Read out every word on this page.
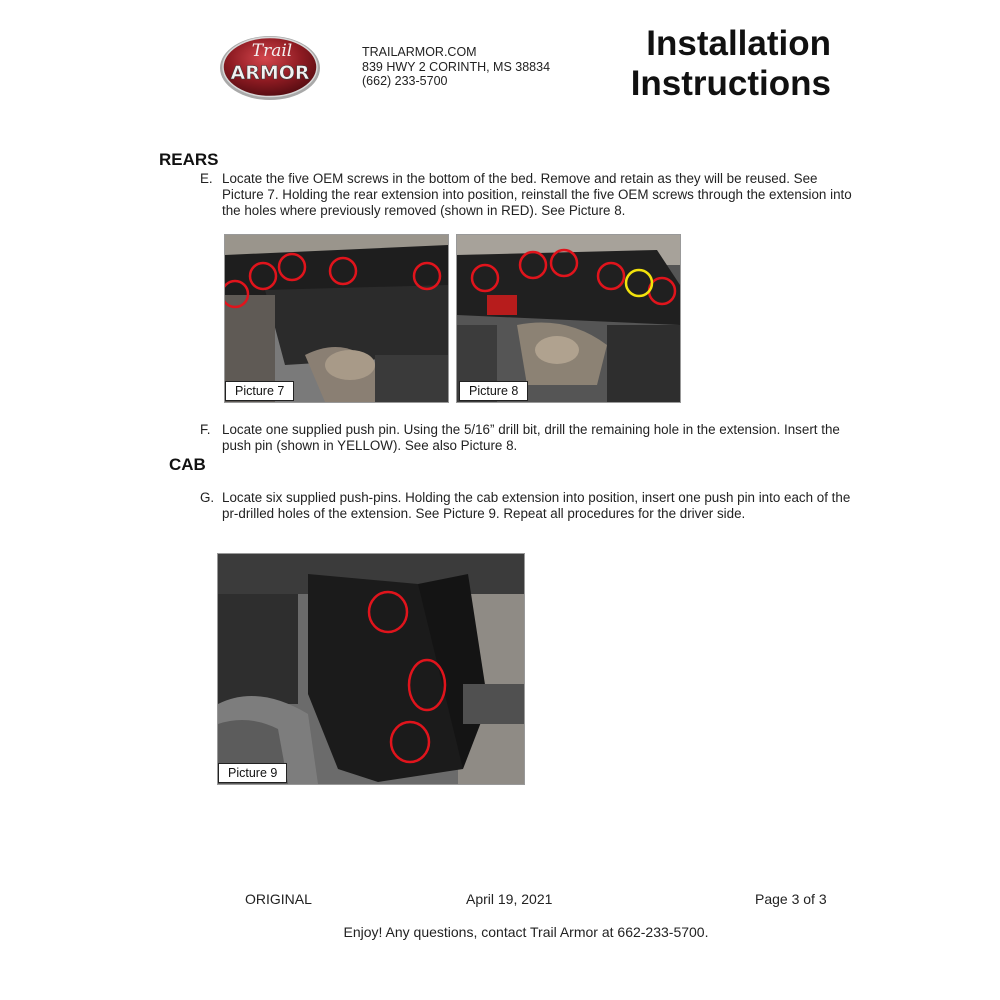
Trail
ARMOR
TRAILARMOR.COM
839 HWY 2 CORINTH, MS 38834
(662) 233-5700
Installation
Instructions
REARS
E. Locate the five OEM screws in the bottom of the bed. Remove and retain as they will be reused. See Picture 7. Holding the rear extension into position, reinstall the five OEM screws through the extension into the holes where previously removed (shown in RED). See Picture 8.
Picture 7	Picture 8
F. Locate one supplied push pin. Using the 5/16” drill bit, drill the remaining hole in the extension. Insert the push pin (shown in YELLOW). See also Picture 8.
CAB
G. Locate six supplied push-pins. Holding the cab extension into position, insert one push pin into each of the pr-drilled holes of the extension. See Picture 9. Repeat all procedures for the driver side.
Picture 9
ORIGINAL	April 19, 2021	Page 3 of 3
Enjoy! Any questions, contact Trail Armor at 662-233-5700.
